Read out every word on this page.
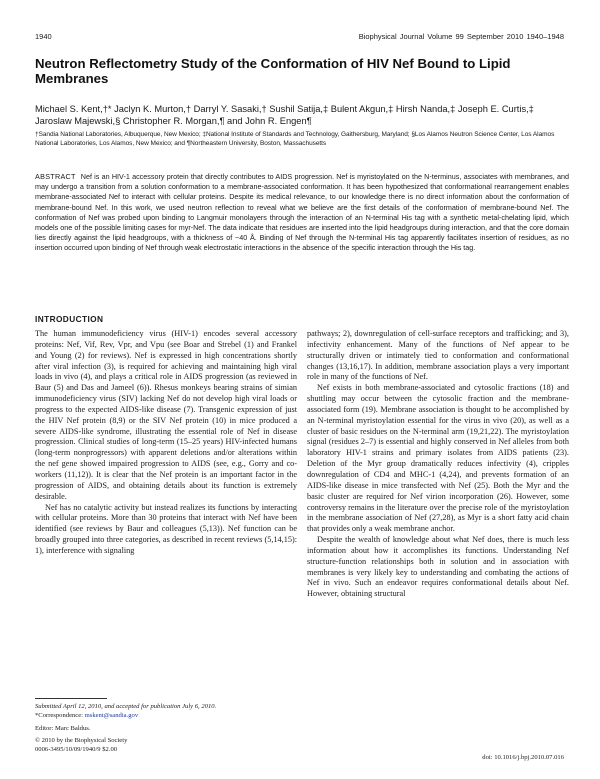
1940	Biophysical Journal Volume 99 September 2010 1940–1948
Neutron Reflectometry Study of the Conformation of HIV Nef Bound to Lipid Membranes
Michael S. Kent,†* Jaclyn K. Murton,† Darryl Y. Sasaki,† Sushil Satija,‡ Bulent Akgun,‡ Hirsh Nanda,‡ Joseph E. Curtis,‡ Jaroslaw Majewski,§ Christopher R. Morgan,¶ and John R. Engen¶
†Sandia National Laboratories, Albuquerque, New Mexico; ‡National Institute of Standards and Technology, Gaithersburg, Maryland; §Los Alamos Neutron Science Center, Los Alamos National Laboratories, Los Alamos, New Mexico; and ¶Northeastern University, Boston, Massachusetts
ABSTRACT Nef is an HIV-1 accessory protein that directly contributes to AIDS progression. Nef is myristoylated on the N-terminus, associates with membranes, and may undergo a transition from a solution conformation to a membrane-associated conformation. It has been hypothesized that conformational rearrangement enables membrane-associated Nef to interact with cellular proteins. Despite its medical relevance, to our knowledge there is no direct information about the conformation of membrane-bound Nef. In this work, we used neutron reflection to reveal what we believe are the first details of the conformation of membrane-bound Nef. The conformation of Nef was probed upon binding to Langmuir monolayers through the interaction of an N-terminal His tag with a synthetic metal-chelating lipid, which models one of the possible limiting cases for myr-Nef. The data indicate that residues are inserted into the lipid headgroups during interaction, and that the core domain lies directly against the lipid headgroups, with a thickness of ~40 Å. Binding of Nef through the N-terminal His tag apparently facilitates insertion of residues, as no insertion occurred upon binding of Nef through weak electrostatic interactions in the absence of the specific interaction through the His tag.
INTRODUCTION

The human immunodeficiency virus (HIV-1) encodes several accessory proteins: Nef, Vif, Rev, Vpr, and Vpu (see Boar and Strebel (1) and Frankel and Young (2) for reviews). Nef is expressed in high concentrations shortly after viral infection (3), is required for achieving and maintaining high viral loads in vivo (4), and plays a critical role in AIDS progression (as reviewed in Baur (5) and Das and Jameel (6)). Rhesus monkeys bearing strains of simian immunodeficiency virus (SIV) lacking Nef do not develop high viral loads or progress to the expected AIDS-like disease (7). Transgenic expression of just the HIV Nef protein (8,9) or the SIV Nef protein (10) in mice produced a severe AIDS-like syndrome, illustrating the essential role of Nef in disease progression. Clinical studies of long-term (15–25 years) HIV-infected humans (long-term nonprogressors) with apparent deletions and/or alterations within the nef gene showed impaired progression to AIDS (see, e.g., Gorry and co-workers (11,12)). It is clear that the Nef protein is an important factor in the progression of AIDS, and obtaining details about its function is extremely desirable.

Nef has no catalytic activity but instead realizes its functions by interacting with cellular proteins. More than 30 proteins that interact with Nef have been identified (see reviews by Baur and colleagues (5,13)). Nef function can be broadly grouped into three categories, as described in recent reviews (5,14,15): 1), interference with signaling

pathways; 2), downregulation of cell-surface receptors and trafficking; and 3), infectivity enhancement. Many of the functions of Nef appear to be structurally driven or intimately tied to conformation and conformational changes (13,16,17). In addition, membrane association plays a very important role in many of the functions of Nef.

Nef exists in both membrane-associated and cytosolic fractions (18) and shuttling may occur between the cytosolic fraction and the membrane-associated form (19). Membrane association is thought to be accomplished by an N-terminal myristoylation essential for the virus in vivo (20), as well as a cluster of basic residues on the N-terminal arm (19,21,22). The myristoylation signal (residues 2–7) is essential and highly conserved in Nef alleles from both laboratory HIV-1 strains and primary isolates from AIDS patients (23). Deletion of the Myr group dramatically reduces infectivity (4), cripples downregulation of CD4 and MHC-1 (4,24), and prevents formation of an AIDS-like disease in mice transfected with Nef (25). Both the Myr and the basic cluster are required for Nef virion incorporation (26). However, some controversy remains in the literature over the precise role of the myristoylation in the membrane association of Nef (27,28), as Myr is a short fatty acid chain that provides only a weak membrane anchor.

Despite the wealth of knowledge about what Nef does, there is much less information about how it accomplishes its functions. Understanding Nef structure-function relationships both in solution and in association with membranes is very likely key to understanding and combating the actions of Nef in vivo. Such an endeavor requires conformational details about Nef. However, obtaining structural

Submitted April 12, 2010, and accepted for publication July 6, 2010.
*Correspondence: mskent@sandia.gov
Editor: Marc Baldus.
© 2010 by the Biophysical Society
0006-3495/10/09/1940/9 $2.00
doi: 10.1016/j.bpj.2010.07.016
